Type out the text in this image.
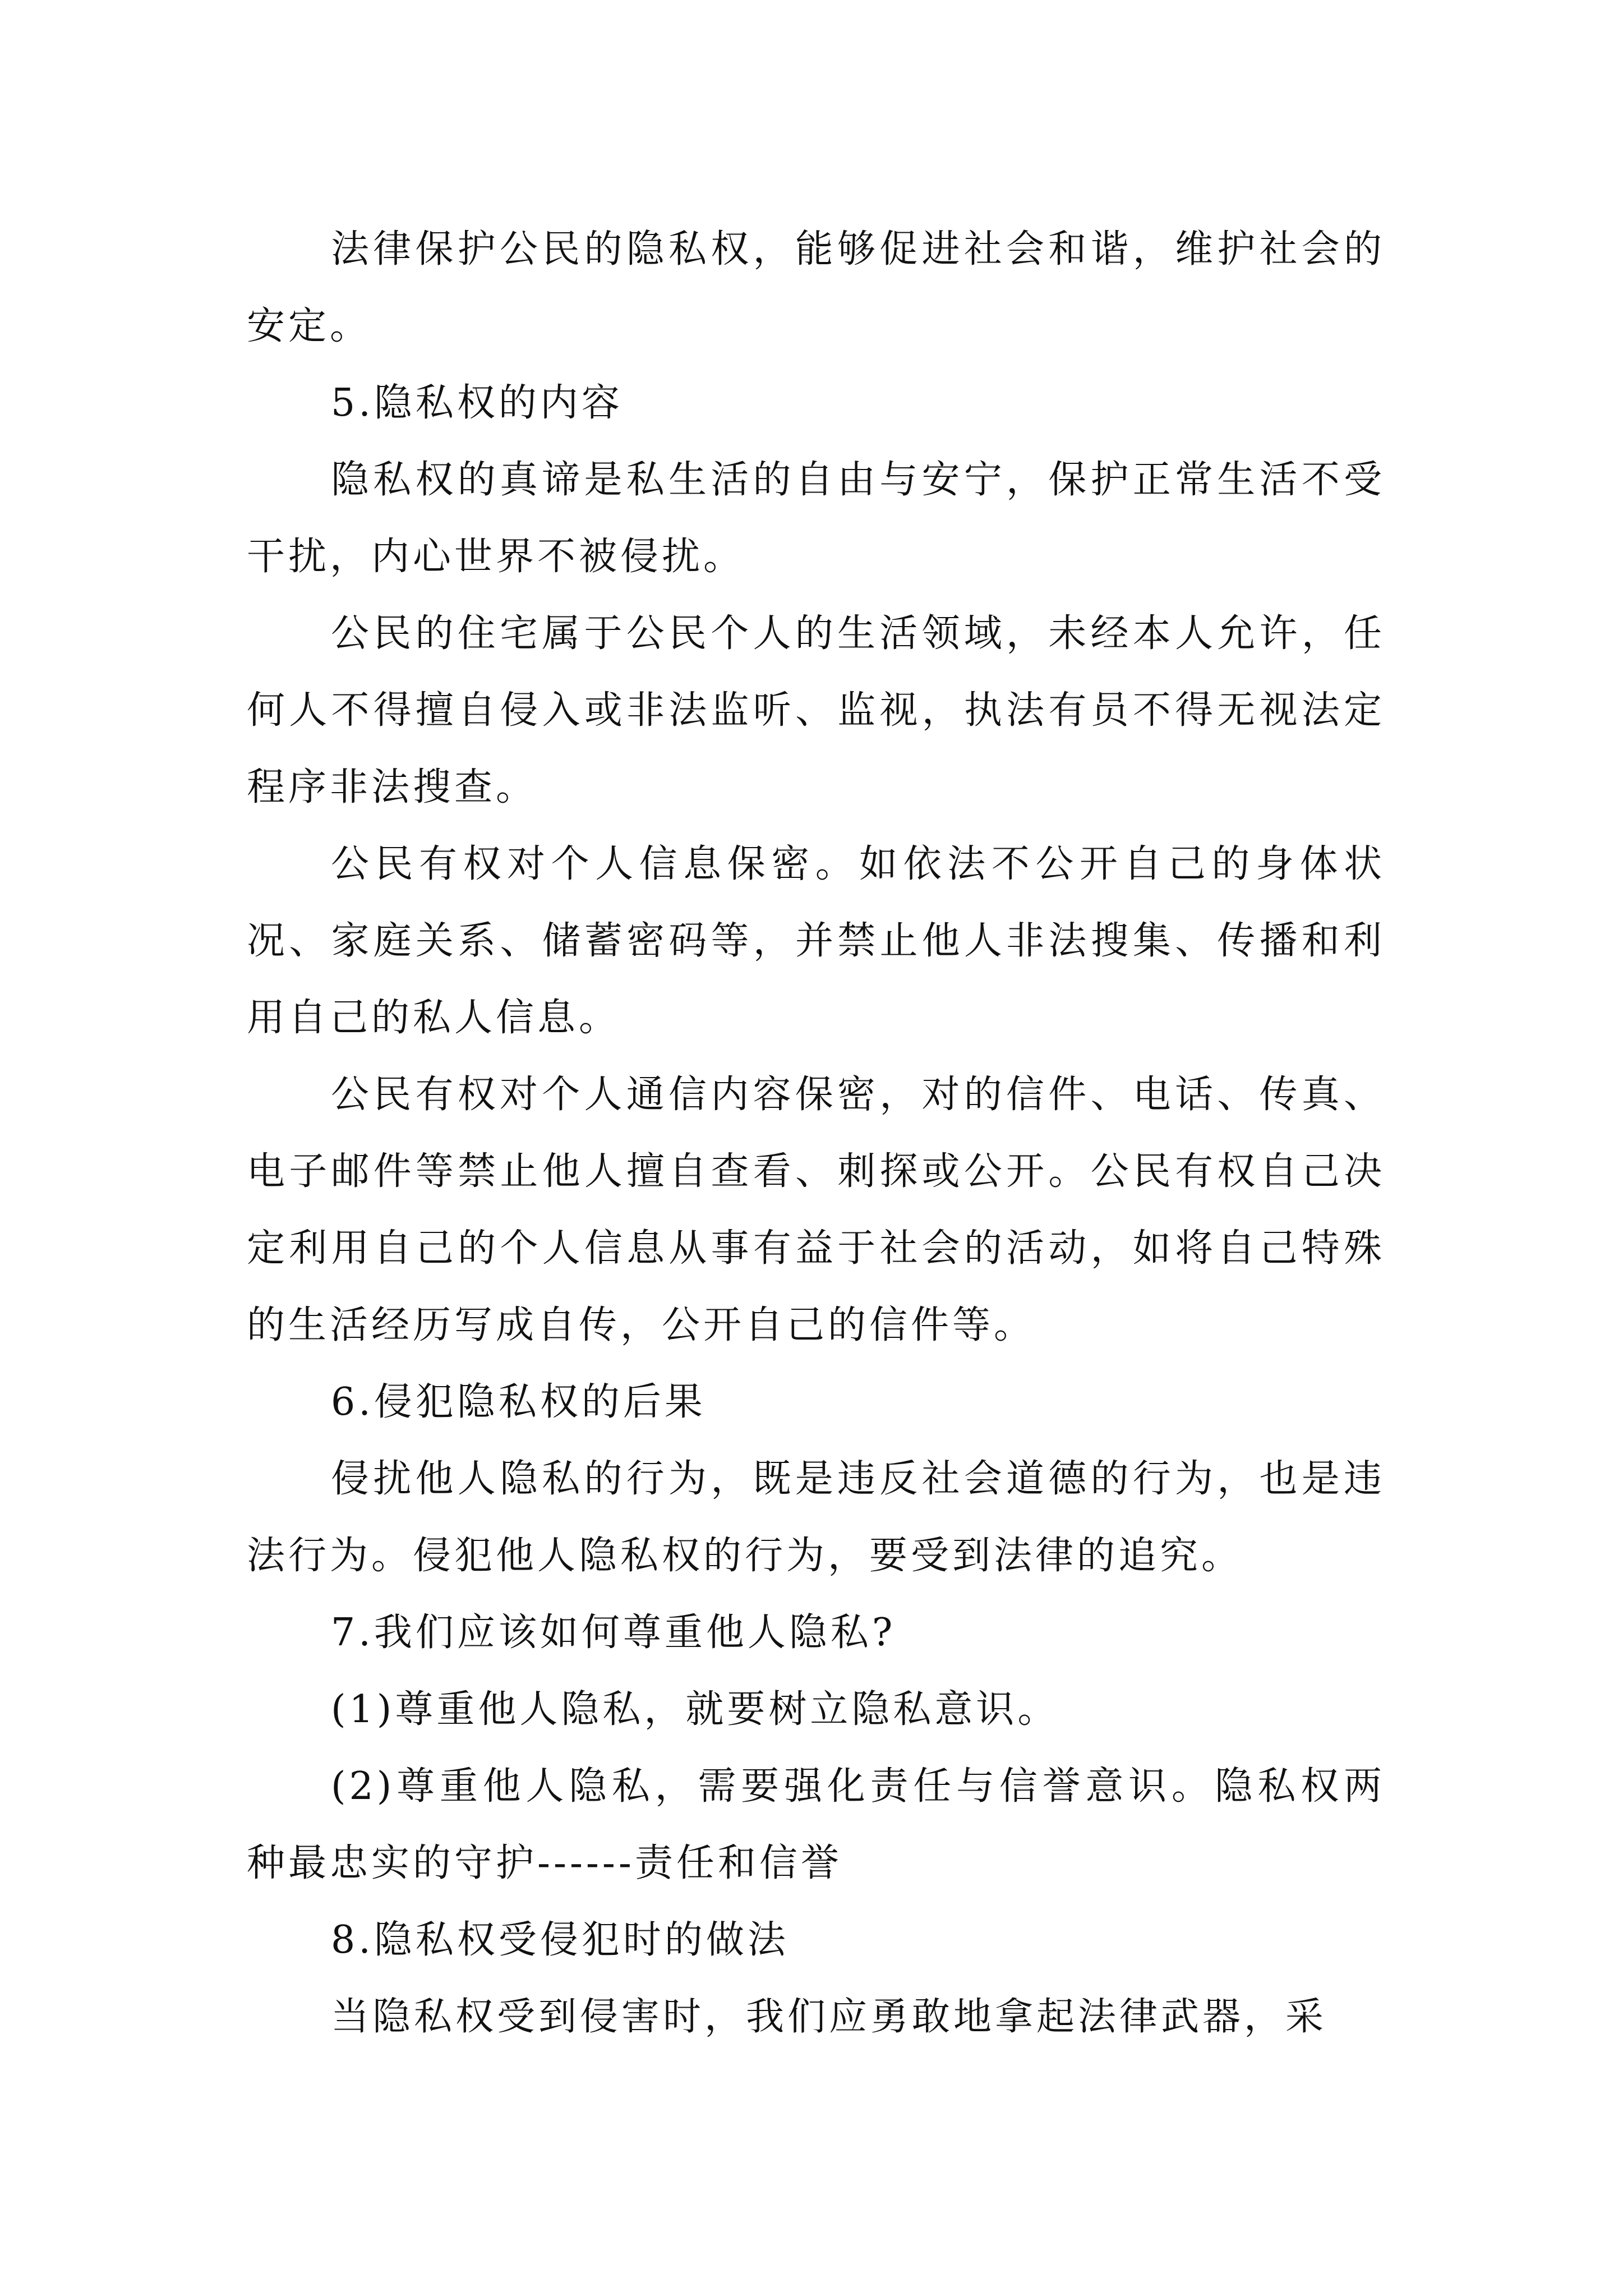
法律保护公民的隐私权，能够促进社会和谐，维护社会的安定。

5.隐私权的内容

隐私权的真谛是私生活的自由与安宁，保护正常生活不受干扰，内心世界不被侵扰。

公民的住宅属于公民个人的生活领域，未经本人允许，任何人不得擅自侵入或非法监听、监视，执法有员不得无视法定程序非法搜查。

公民有权对个人信息保密。如依法不公开自己的身体状况、家庭关系、储蓄密码等，并禁止他人非法搜集、传播和利用自己的私人信息。

公民有权对个人通信内容保密，对的信件、电话、传真、电子邮件等禁止他人擅自查看、刺探或公开。公民有权自己决定利用自己的个人信息从事有益于社会的活动，如将自己特殊的生活经历写成自传，公开自己的信件等。

6.侵犯隐私权的后果

侵扰他人隐私的行为，既是违反社会道德的行为，也是违法行为。侵犯他人隐私权的行为，要受到法律的追究。

7.我们应该如何尊重他人隐私?

(1)尊重他人隐私，就要树立隐私意识。

(2)尊重他人隐私，需要强化责任与信誉意识。隐私权两种最忠实的守护------责任和信誉

8.隐私权受侵犯时的做法

当隐私权受到侵害时，我们应勇敢地拿起法律武器，采
